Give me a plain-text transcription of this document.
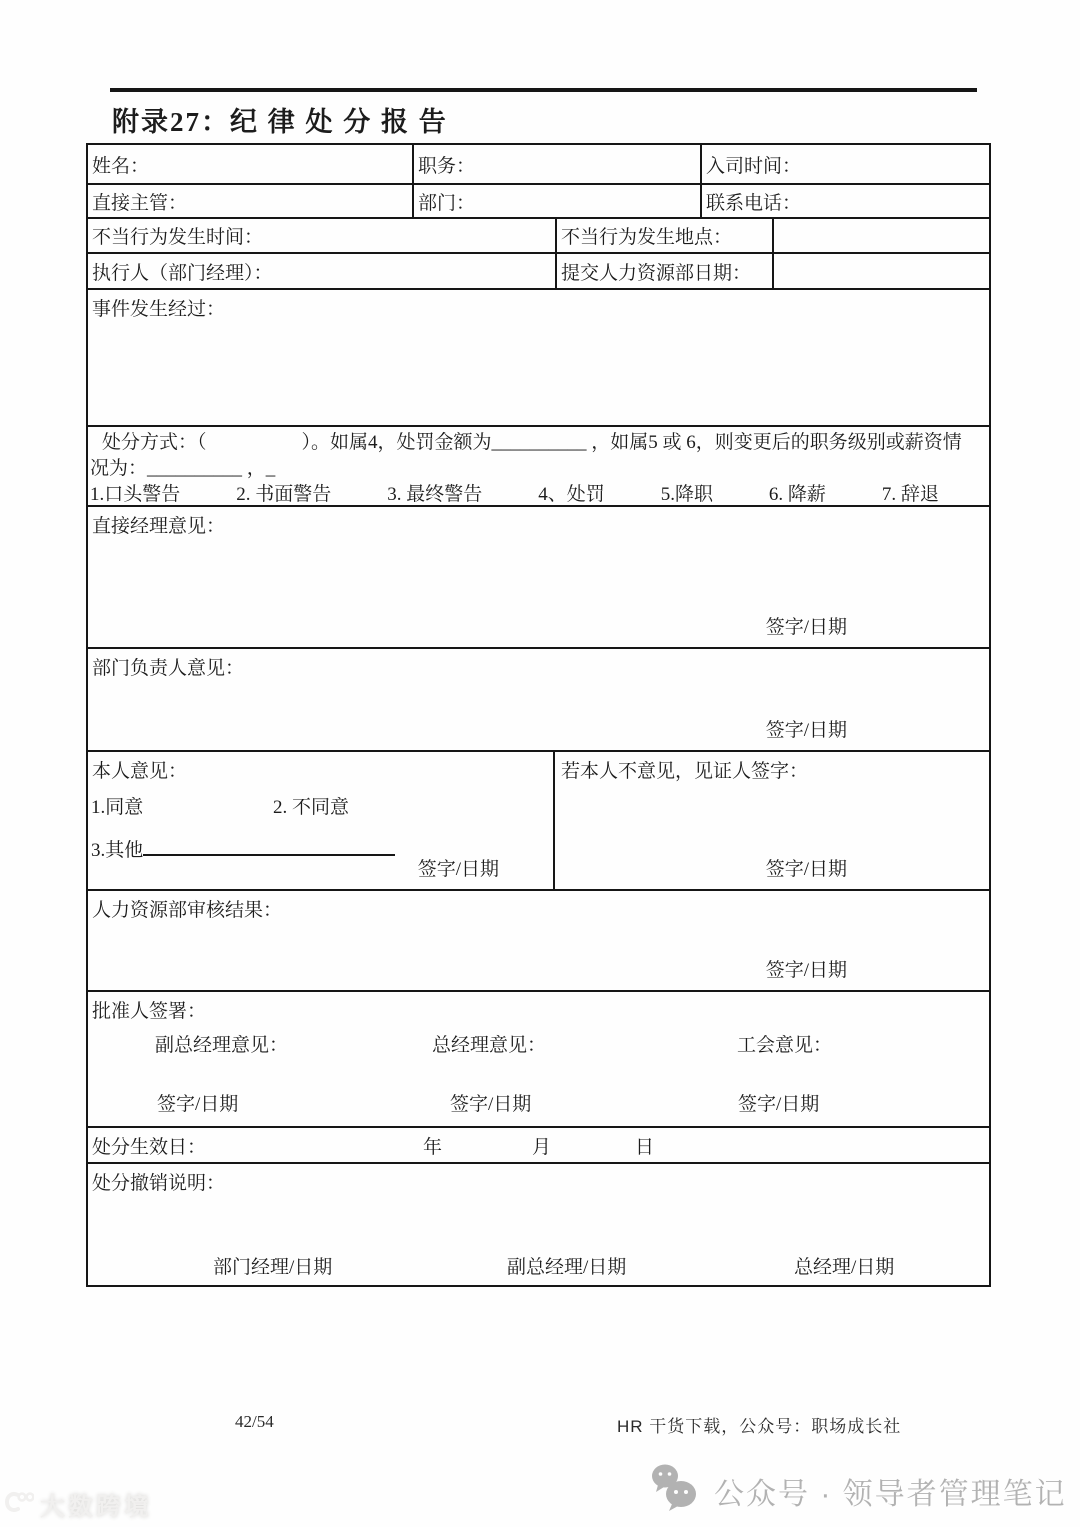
附录27：纪 律 处 分 报 告
姓名：	职务：	入司时间：
直接主管：	部门：	联系电话：
不当行为发生时间：	不当行为发生地点：
执行人（部门经理）：	提交人力资源部日期：
事件发生经过：
处分方式：（　　　　　）。如属4，处罚金额为__________ ，如属5 或 6，则变更后的职务级别或薪资情
况为：__________ ，_
1.口头警告	2. 书面警告	3. 最终警告	4、处罚	5.降职	6. 降薪	7. 辞退
直接经理意见：
签字/日期
部门负责人意见：
签字/日期
本人意见：
1.同意	2. 不同意
3.其他
签字/日期
若本人不意见，见证人签字：
签字/日期
人力资源部审核结果：
签字/日期
批准人签署：
副总经理意见：	总经理意见：	工会意见：
签字/日期	签字/日期	签字/日期
处分生效日：	年	月	日
处分撤销说明：
部门经理/日期	副总经理/日期	总经理/日期
42/54	HR 干货下载，公众号：职场成长社
公众号 · 领导者管理笔记
大数跨境
